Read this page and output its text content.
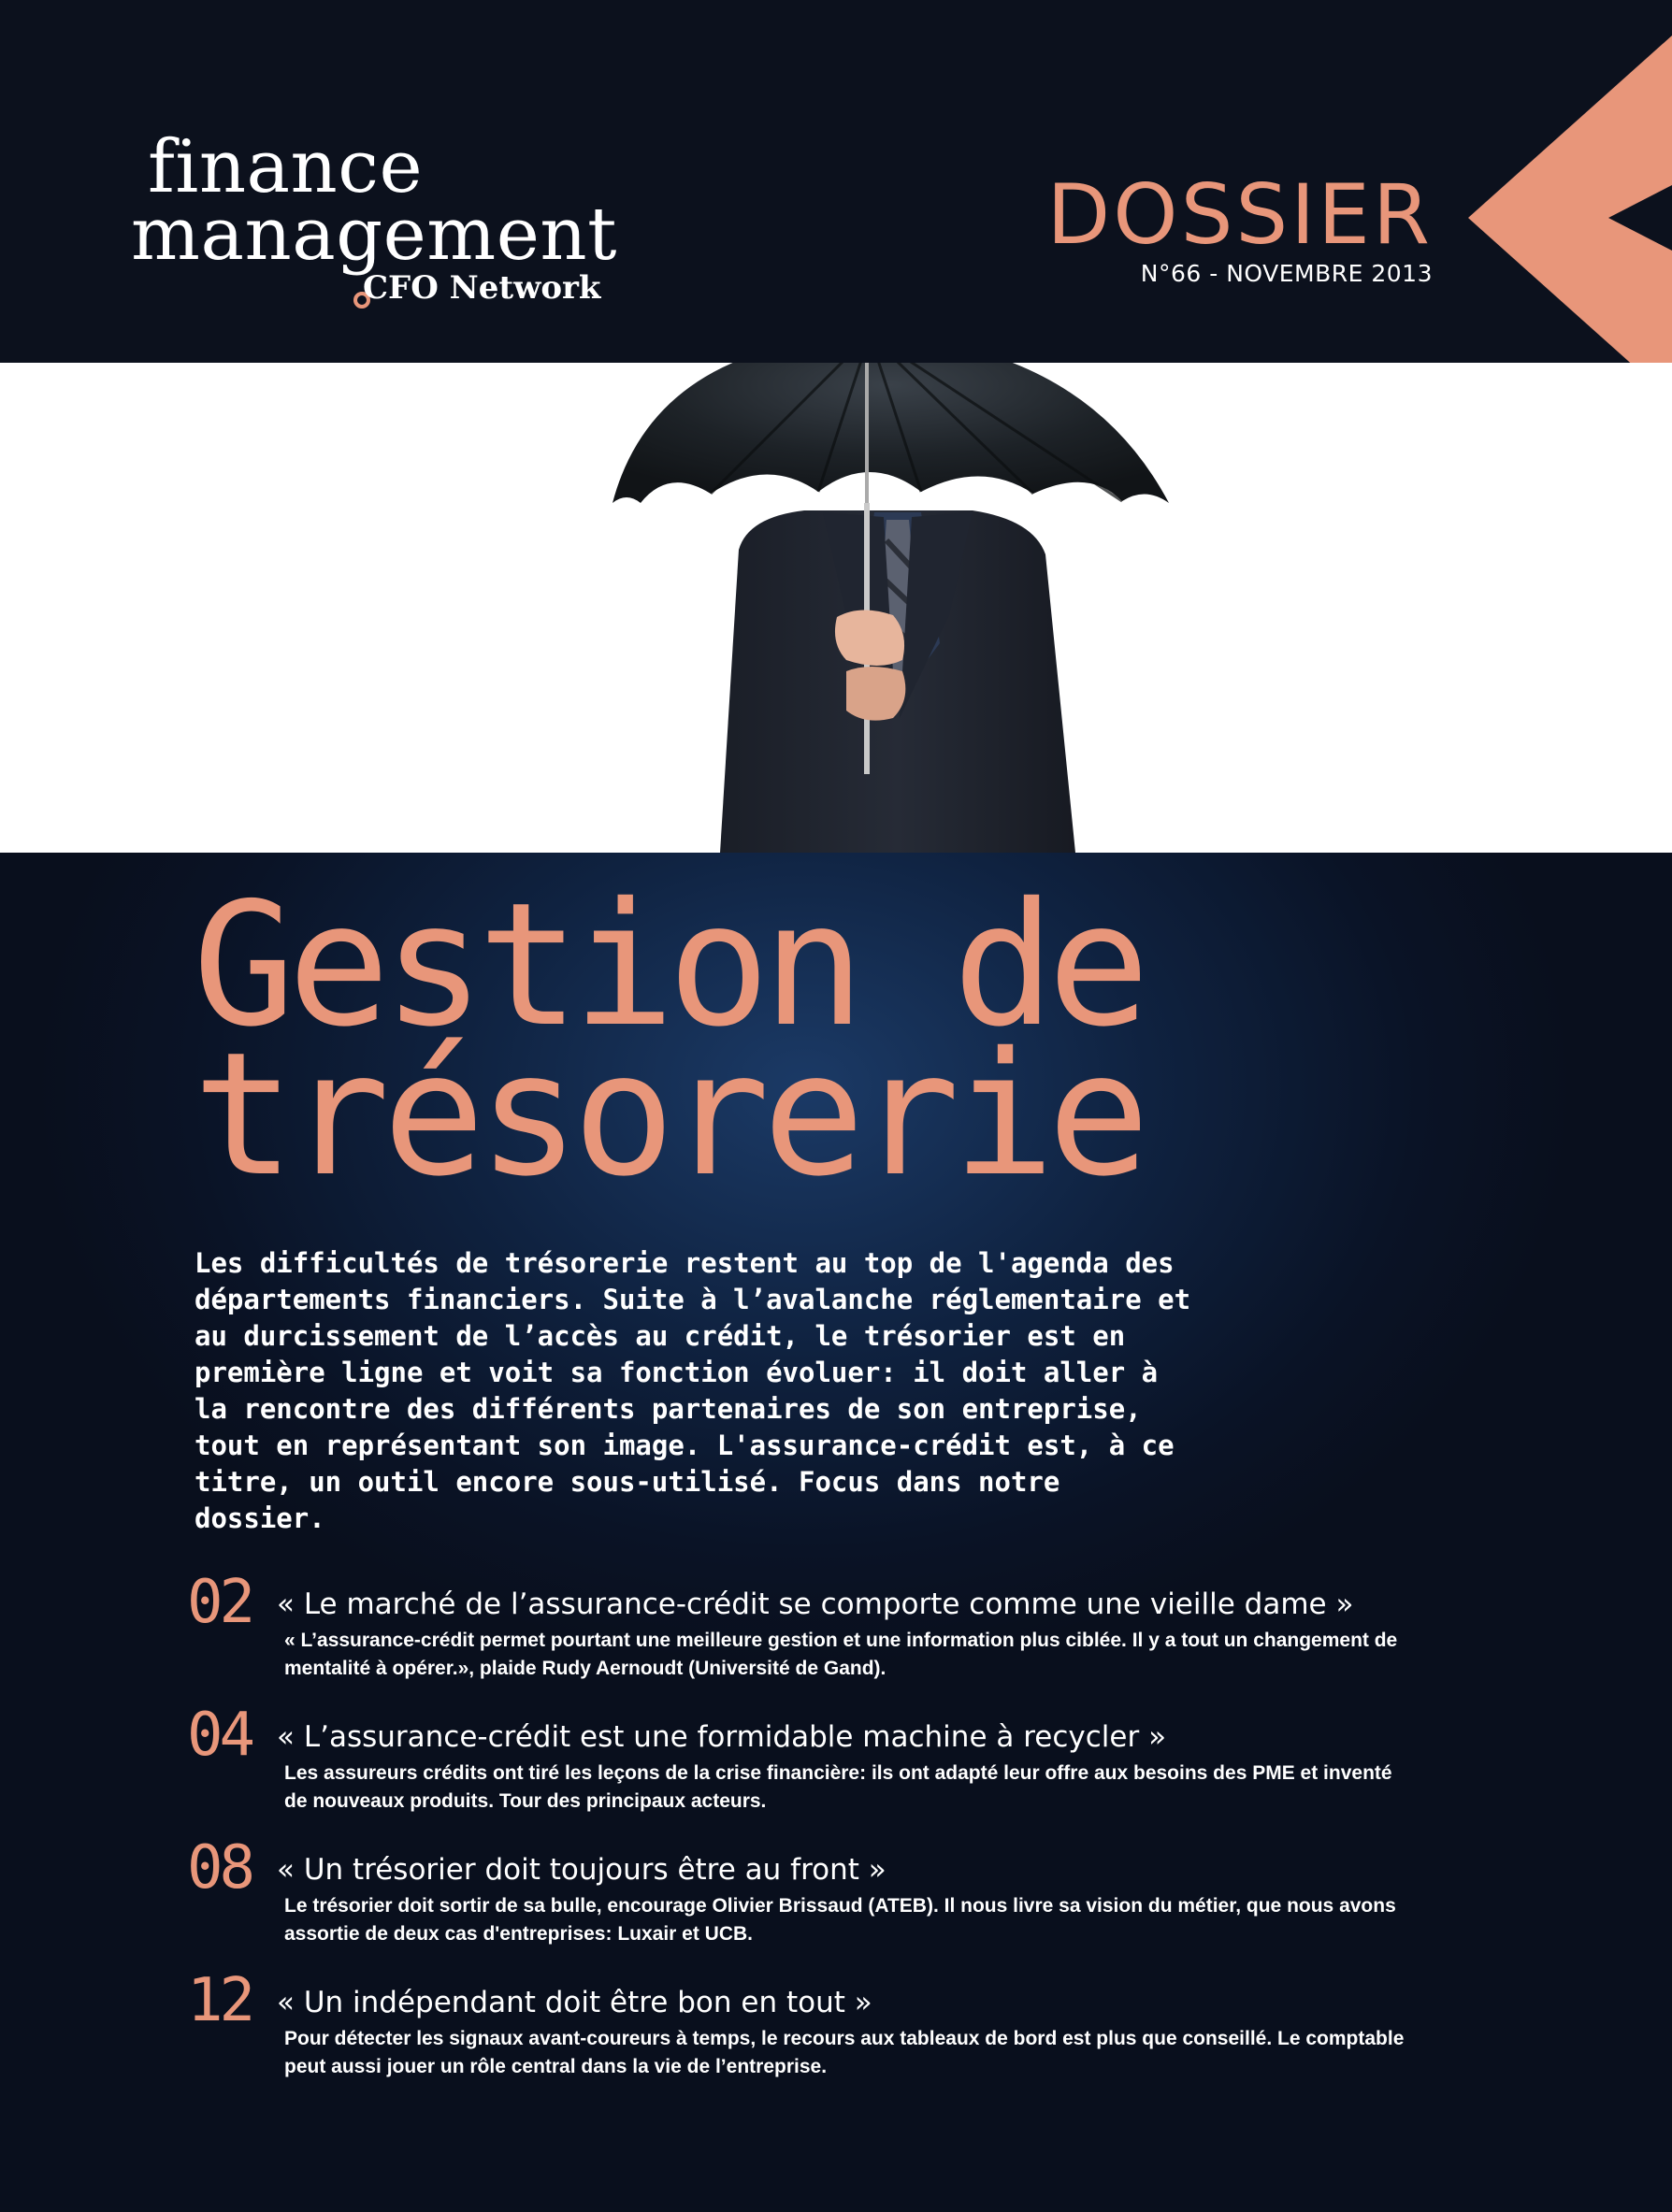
finance
management
CFO Network
DOSSIER
N°66 - NOVEMBRE 2013
Gestion de
trésorerie
Les difficultés de trésorerie restent au top de l'agenda des départements financiers. Suite à l’avalanche réglementaire et au durcissement de l’accès au crédit, le trésorier est en première ligne et voit sa fonction évoluer: il doit aller à la rencontre des différents partenaires de son entreprise, tout en représentant son image. L'assurance-crédit est, à ce titre, un outil encore sous-utilisé. Focus dans notre dossier.
02 « Le marché de l’assurance-crédit se comporte comme une vieille dame »
« L’assurance-crédit permet pourtant une meilleure gestion et une information plus ciblée. Il y a tout un changement de mentalité à opérer.», plaide Rudy Aernoudt (Université de Gand).
04 « L’assurance-crédit est une formidable machine à recycler »
Les assureurs crédits ont tiré les leçons de la crise financière: ils ont adapté leur offre aux besoins des PME et inventé de nouveaux produits. Tour des principaux acteurs.
08 « Un trésorier doit toujours être au front »
Le trésorier doit sortir de sa bulle, encourage Olivier Brissaud (ATEB). Il nous livre sa vision du métier, que nous avons assortie de deux cas d'entreprises: Luxair et UCB.
12 « Un indépendant doit être bon en tout »
Pour détecter les signaux avant-coureurs à temps, le recours aux tableaux de bord est plus que conseillé. Le comptable peut aussi jouer un rôle central dans la vie de l’entreprise.
